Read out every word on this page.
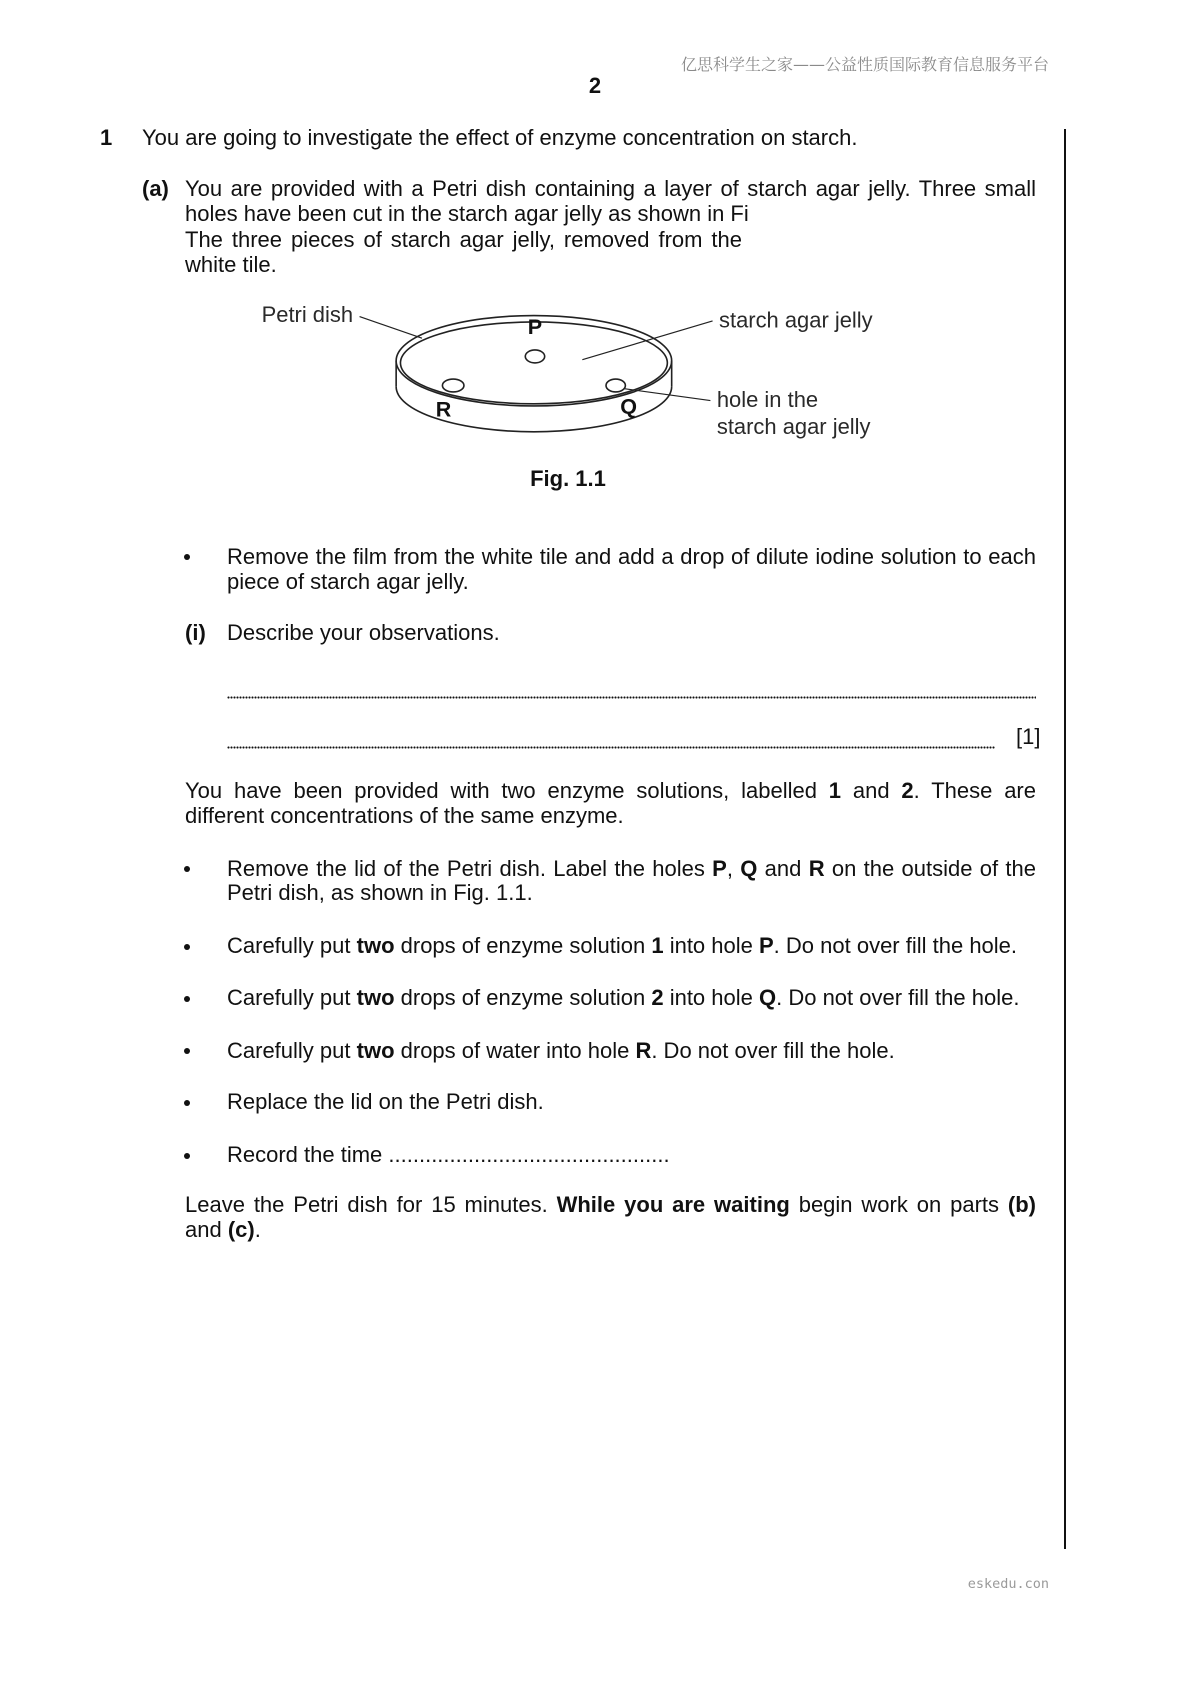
亿思科学生之家——公益性质国际教育信息服务平台
2
1 You are going to investigate the effect of enzyme concentration on starch.
(a) You are provided with a Petri dish containing a layer of starch agar jelly. Three small
holes have been cut in the starch agar jelly as shown in Fi
The three pieces of starch agar jelly, removed from the
white tile.
Petri dish	starch agar jelly
hole in the
starch agar jelly
P
R	Q
Fig. 1.1
Remove the film from the white tile and add a drop of dilute iodine solution to each
piece of starch agar jelly.
(i) Describe your observations.
[1]
You have been provided with two enzyme solutions, labelled 1 and 2. These are
different concentrations of the same enzyme.
Remove the lid of the Petri dish. Label the holes P, Q and R on the outside of the
Petri dish, as shown in Fig. 1.1.
Carefully put two drops of enzyme solution 1 into hole P. Do not over fill the hole.
Carefully put two drops of enzyme solution 2 into hole Q. Do not over fill the hole.
Carefully put two drops of water into hole R. Do not over fill the hole.
Replace the lid on the Petri dish.
Record the time ..............................................
Leave the Petri dish for 15 minutes. While you are waiting begin work on parts (b)
and (c).
eskedu.con
